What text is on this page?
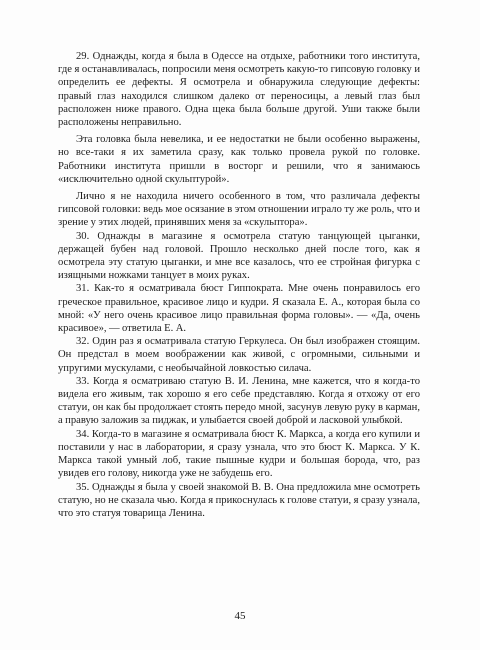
29. Однажды, когда я была в Одессе на отдыхе, работники того института, где я останавливалась, попросили меня осмотреть какую-то гипсовую головку и определить ее дефекты. Я осмотрела и обнаружила следующие дефекты: правый глаз находился слишком далеко от переносицы, а левый глаз был расположен ниже правого. Одна щека была больше другой. Уши также были расположены неправильно.

Эта головка была невелика, и ее недостатки не были особенно выражены, но все-таки я их заметила сразу, как только провела рукой по головке. Работники института пришли в восторг и решили, что я занимаюсь «исключительно одной скульптурой».

Лично я не находила ничего особенного в том, что различала дефекты гипсовой головки: ведь мое осязание в этом отношении играло ту же роль, что и зрение у этих людей, принявших меня за «скульптора».

30. Однажды в магазине я осмотрела статую танцующей цыганки, держащей бубен над головой. Прошло несколько дней после того, как я осмотрела эту статую цыганки, и мне все казалось, что ее стройная фигурка с изящными ножками танцует в моих руках.

31. Как-то я осматривала бюст Гиппократа. Мне очень понравилось его греческое правильное, красивое лицо и кудри. Я сказала Е. А., которая была со мной: «У него очень красивое лицо правильная форма головы». — «Да, очень красивое», — ответила Е. А.

32. Один раз я осматривала статую Геркулеса. Он был изображен стоящим. Он предстал в моем воображении как живой, с огромными, сильными и упругими мускулами, с необычайной ловкостью силача.

33. Когда я осматриваю статую В. И. Ленина, мне кажется, что я когда-то видела его живым, так хорошо я его себе представляю. Когда я отхожу от его статуи, он как бы продолжает стоять передо мной, засунув левую руку в карман, а правую заложив за пиджак, и улыбается своей доброй и ласковой улыбкой.

34. Когда-то в магазине я осматривала бюст К. Маркса, а когда его купили и поставили у нас в лаборатории, я сразу узнала, что это бюст К. Маркса. У К. Маркса такой умный лоб, такие пышные кудри и большая борода, что, раз увидев его голову, никогда уже не забудешь его.

35. Однажды я была у своей знакомой В. В. Она предложила мне осмотреть статую, но не сказала чью. Когда я прикоснулась к голове статуи, я сразу узнала, что это статуя товарища Ленина.

45
